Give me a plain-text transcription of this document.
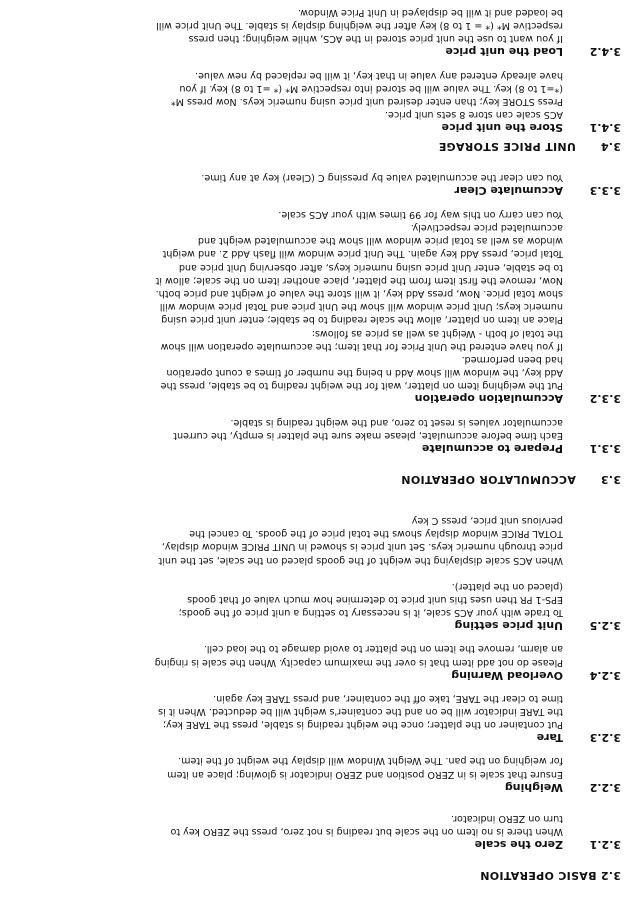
3.2 BASIC OPERATION
3.2.1
Zero the scale

When there is no item on the scale but reading is not zero, press the ZERO key to

turn on ZERO indicator.

3.2.2
Weighing

Ensure that scale is in ZERO position and ZERO indicator is glowing; place an item

for weighing on the pan. The Weight Window will display the weight of the item.

3.2.3
Tare

Put container on the platter; once the weight reading is stable, press the TARE key;

the TARE indicator will be on and the container's weight will be deducted. When it is

time to clear the TARE, take off the container, and press TARE key again.

3.2.4
Overload Warning

Please do not add item that is over the maximum capacity. When the scale is ringing

an alarm, remove the item on the platter to avoid damage to the load cell.

3.2.5
Unit price setting

To trade with your ACS scale, it is necessary to setting a unit price of the goods;

EPS-1 PR then uses this unit price to determine how much value of that goods

(placed on the platter).

When ACS scale displaying the weight of the goods placed on the scale, set the unit

price through numeric keys. Set unit price is showed in UNIT PRICE window display,

TOTAL PRICE window display shows the total price of the goods. To cancel the

pervious unit price, press C key

3.3      ACCUMULATOR OPERATION
3.3.1
Prepare to accumulate

Each time before accumulate, please make sure the platter is empty, the current

accumulator values is reset to zero, and the weight reading is stable.

3.3.2
Accumulation operation

Put the weighing item on platter, wait for the weight reading to be stable, press the

Add key, the window will show Add n being the number of times a count operation

had been performed.

If you have entered the Unit Price for that item; the accumulate operation will show

the total of both - Weight as well as price as follows:

Place an item on platter, allow the scale reading to be stable; enter unit price using

numeric keys; Unit price window will show the Unit price and Total price window will

show total price. Now, press Add key, it will store the value of weight and price both.

Now, remove the first item from the platter, place another item on the scale; allow it

to be stable, enter Unit price using numeric keys, after observing Unit price and

Total price, press Add key again. The Unit price window will flash Add 2. and weight

window as well as total price window will show the accumulated weight and

accumulated price respectively.

You can carry on this way for 99 times with your ACS scale.

3.3.3
Accumulate Clear

You can clear the accumulated value by pressing C (Clear) key at any time.

3.4      UNIT PRICE STORAGE
3.4.1
Store the unit price

ACS scale can store 8 sets unit price.

Press STORE key; than enter desired unit price using numeric keys. Now press M*

(*=1 to 8) key. The value will be stored into respective M* (* =1 to 8) key. If you

have already entered any value in that key, it will be replaced by new value.

3.4.2
Load the unit price

If you want to use the unit price stored in the ACS, while weighing; then press

respective M* (* = 1 to 8) key after the weighing display is stable. The Unit price will

be loaded and it will be displayed in Unit Price Window.
